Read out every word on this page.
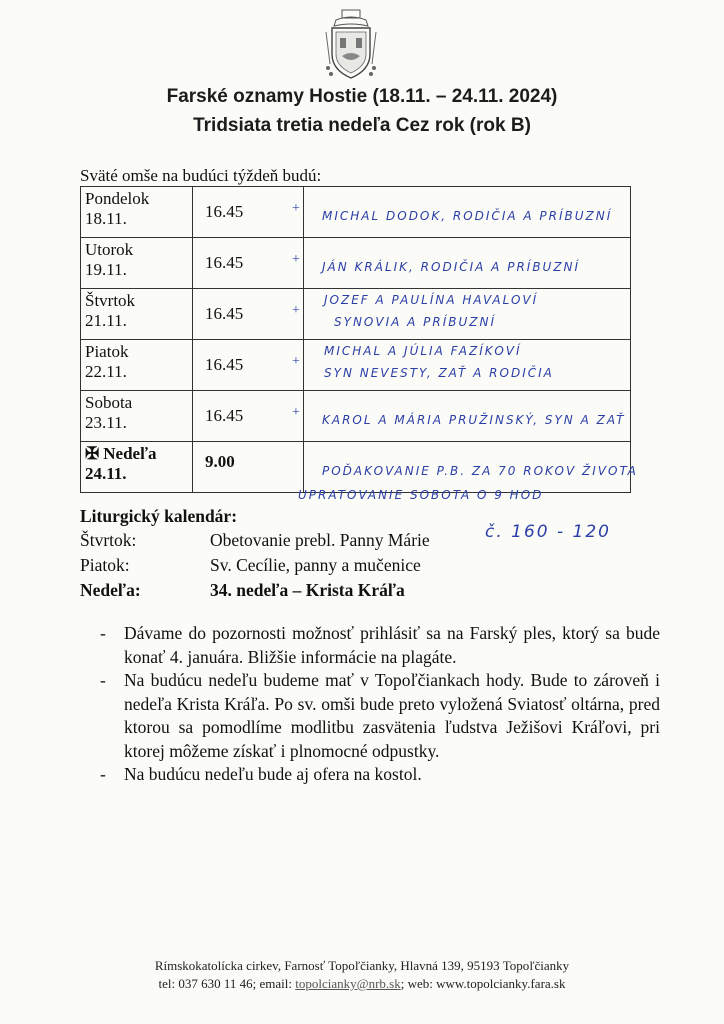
Farské oznamy Hostie (18.11. – 24.11. 2024)
Tridsiata tretia nedeľa Cez rok (rok B)
Sväté omše na budúci týždeň budú:
Pondelok
18.11.	16.45	+ MICHAL DODOK, RODIČIA A PRÍBUZNÍ

Utorok
19.11.	16.45	+ JÁN KRÁLIK, RODIČIA A PRÍBUZNÍ

Štvrtok
21.11.	16.45	+
JOZEF A PAULÍNA HAVALOVÍ
SYNOVIA A PRÍBUZNÍ

Piatok
22.11.	16.45	+
MICHAL A JÚLIA FAZÍKOVÍ
SYN NEVESTY, ZAŤ A RODIČIA

Sobota
23.11.	16.45	+ KAROL A MÁRIA PRUŽINSKÝ, SYN A ZAŤ

✠ Nedeľa
24.11.	9.00	POĎAKOVANIE P.B. ZA 70 ROKOV ŽIVOTA
UPRATOVANIE SOBOTA O 9 HOD
Liturgický kalendár:
Štvrtok:	Obetovanie prebl. Panny Márie	č. 160 - 120
Piatok:	Sv. Cecílie, panny a mučenice
Nedeľa:	34. nedeľa – Krista Kráľa
- Dávame do pozornosti možnosť prihlásiť sa na Farský ples, ktorý sa bude konať 4. januára. Bližšie informácie na plagáte.
- Na budúcu nedeľu budeme mať v Topoľčiankach hody. Bude to zároveň i nedeľa Krista Kráľa. Po sv. omši bude preto vyložená Sviatosť oltárna, pred ktorou sa pomodlíme modlitbu zasvätenia ľudstva Ježišovi Kráľovi, pri ktorej môžeme získať i plnomocné odpustky.
- Na budúcu nedeľu bude aj ofera na kostol.
Rímskokatolícka cirkev, Farnosť Topoľčianky, Hlavná 139, 95193 Topoľčianky
tel: 037 630 11 46; email: topolcianky@nrb.sk; web: www.topolcianky.fara.sk
